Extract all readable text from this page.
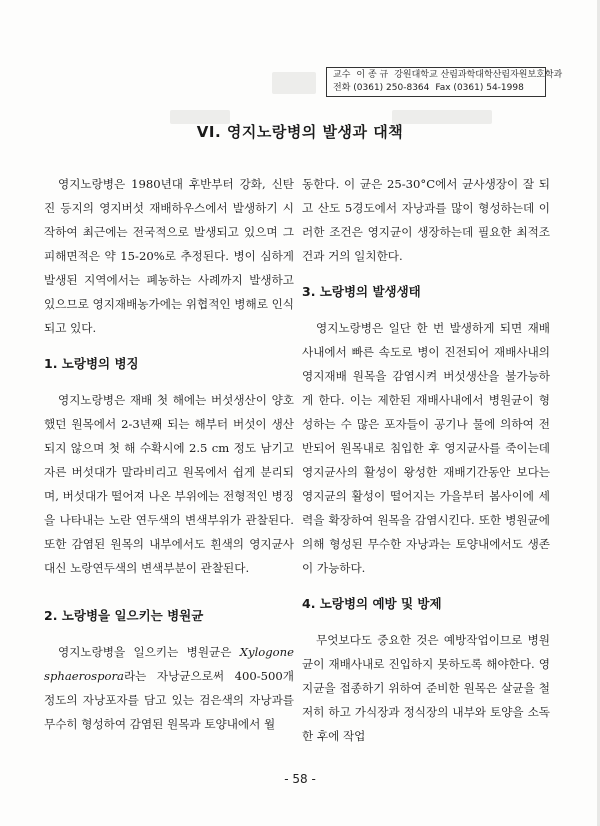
교수 이 종 규 강원대학교 산림과학대학산림자원보호학과
전화 (0361) 250-8364 Fax (0361) 54-1998
VI. 영지노랑병의 발생과 대책

영지노랑병은 1980년대 후반부터 강화, 신탄진 등지의 영지버섯 재배하우스에서 발생하기 시작하여 최근에는 전국적으로 발생되고 있으며 그 피해면적은 약 15-20%로 추정된다. 병이 심하게 발생된 지역에서는 폐농하는 사례까지 발생하고 있으므로 영지재배농가에는 위협적인 병해로 인식되고 있다.

1. 노랑병의 병징

영지노랑병은 재배 첫 해에는 버섯생산이 양호했던 원목에서 2-3년째 되는 해부터 버섯이 생산되지 않으며 첫 해 수확시에 2.5 cm 정도 남기고 자른 버섯대가 말라비리고 원목에서 쉽게 분리되며, 버섯대가 떨어져 나온 부위에는 전형적인 병징을 나타내는 노란 연두색의 변색부위가 관찰된다. 또한 감염된 원목의 내부에서도 흰색의 영지균사 대신 노랑연두색의 변색부분이 관찰된다.

2. 노랑병을 일으키는 병원균

영지노랑병을 일으키는 병원균은 Xylogone sphaerospora라는 자낭균으로써 400-500개 정도의 자낭포자를 담고 있는 검은색의 자낭과를 무수히 형성하여 감염된 원목과 토양내에서 월

동한다. 이 균은 25-30°C에서 균사생장이 잘 되고 산도 5경도에서 자낭과를 많이 형성하는데 이러한 조건은 영지균이 생장하는데 필요한 최적조건과 거의 일치한다.

3. 노랑병의 발생생태

영지노랑병은 일단 한 번 발생하게 되면 재배사내에서 빠른 속도로 병이 진전되어 재배사내의 영지재배 원목을 감염시켜 버섯생산을 불가능하게 한다. 이는 제한된 재배사내에서 병원균이 형성하는 수 많은 포자들이 공기나 물에 의하여 전반되어 원목내로 침입한 후 영지균사를 죽이는데 영지균사의 활성이 왕성한 재배기간동안 보다는 영지균의 활성이 떨어지는 가을부터 봄사이에 세력을 확장하여 원목을 감염시킨다. 또한 병원균에 의해 형성된 무수한 자낭과는 토양내에서도 생존이 가능하다.

4. 노랑병의 예방 및 방제

무엇보다도 중요한 것은 예방작업이므로 병원균이 재배사내로 진입하지 못하도록 해야한다. 영지균을 접종하기 위하여 준비한 원목은 살균을 철저히 하고 가식장과 정식장의 내부와 토양을 소독한 후에 작업

- 58 -
